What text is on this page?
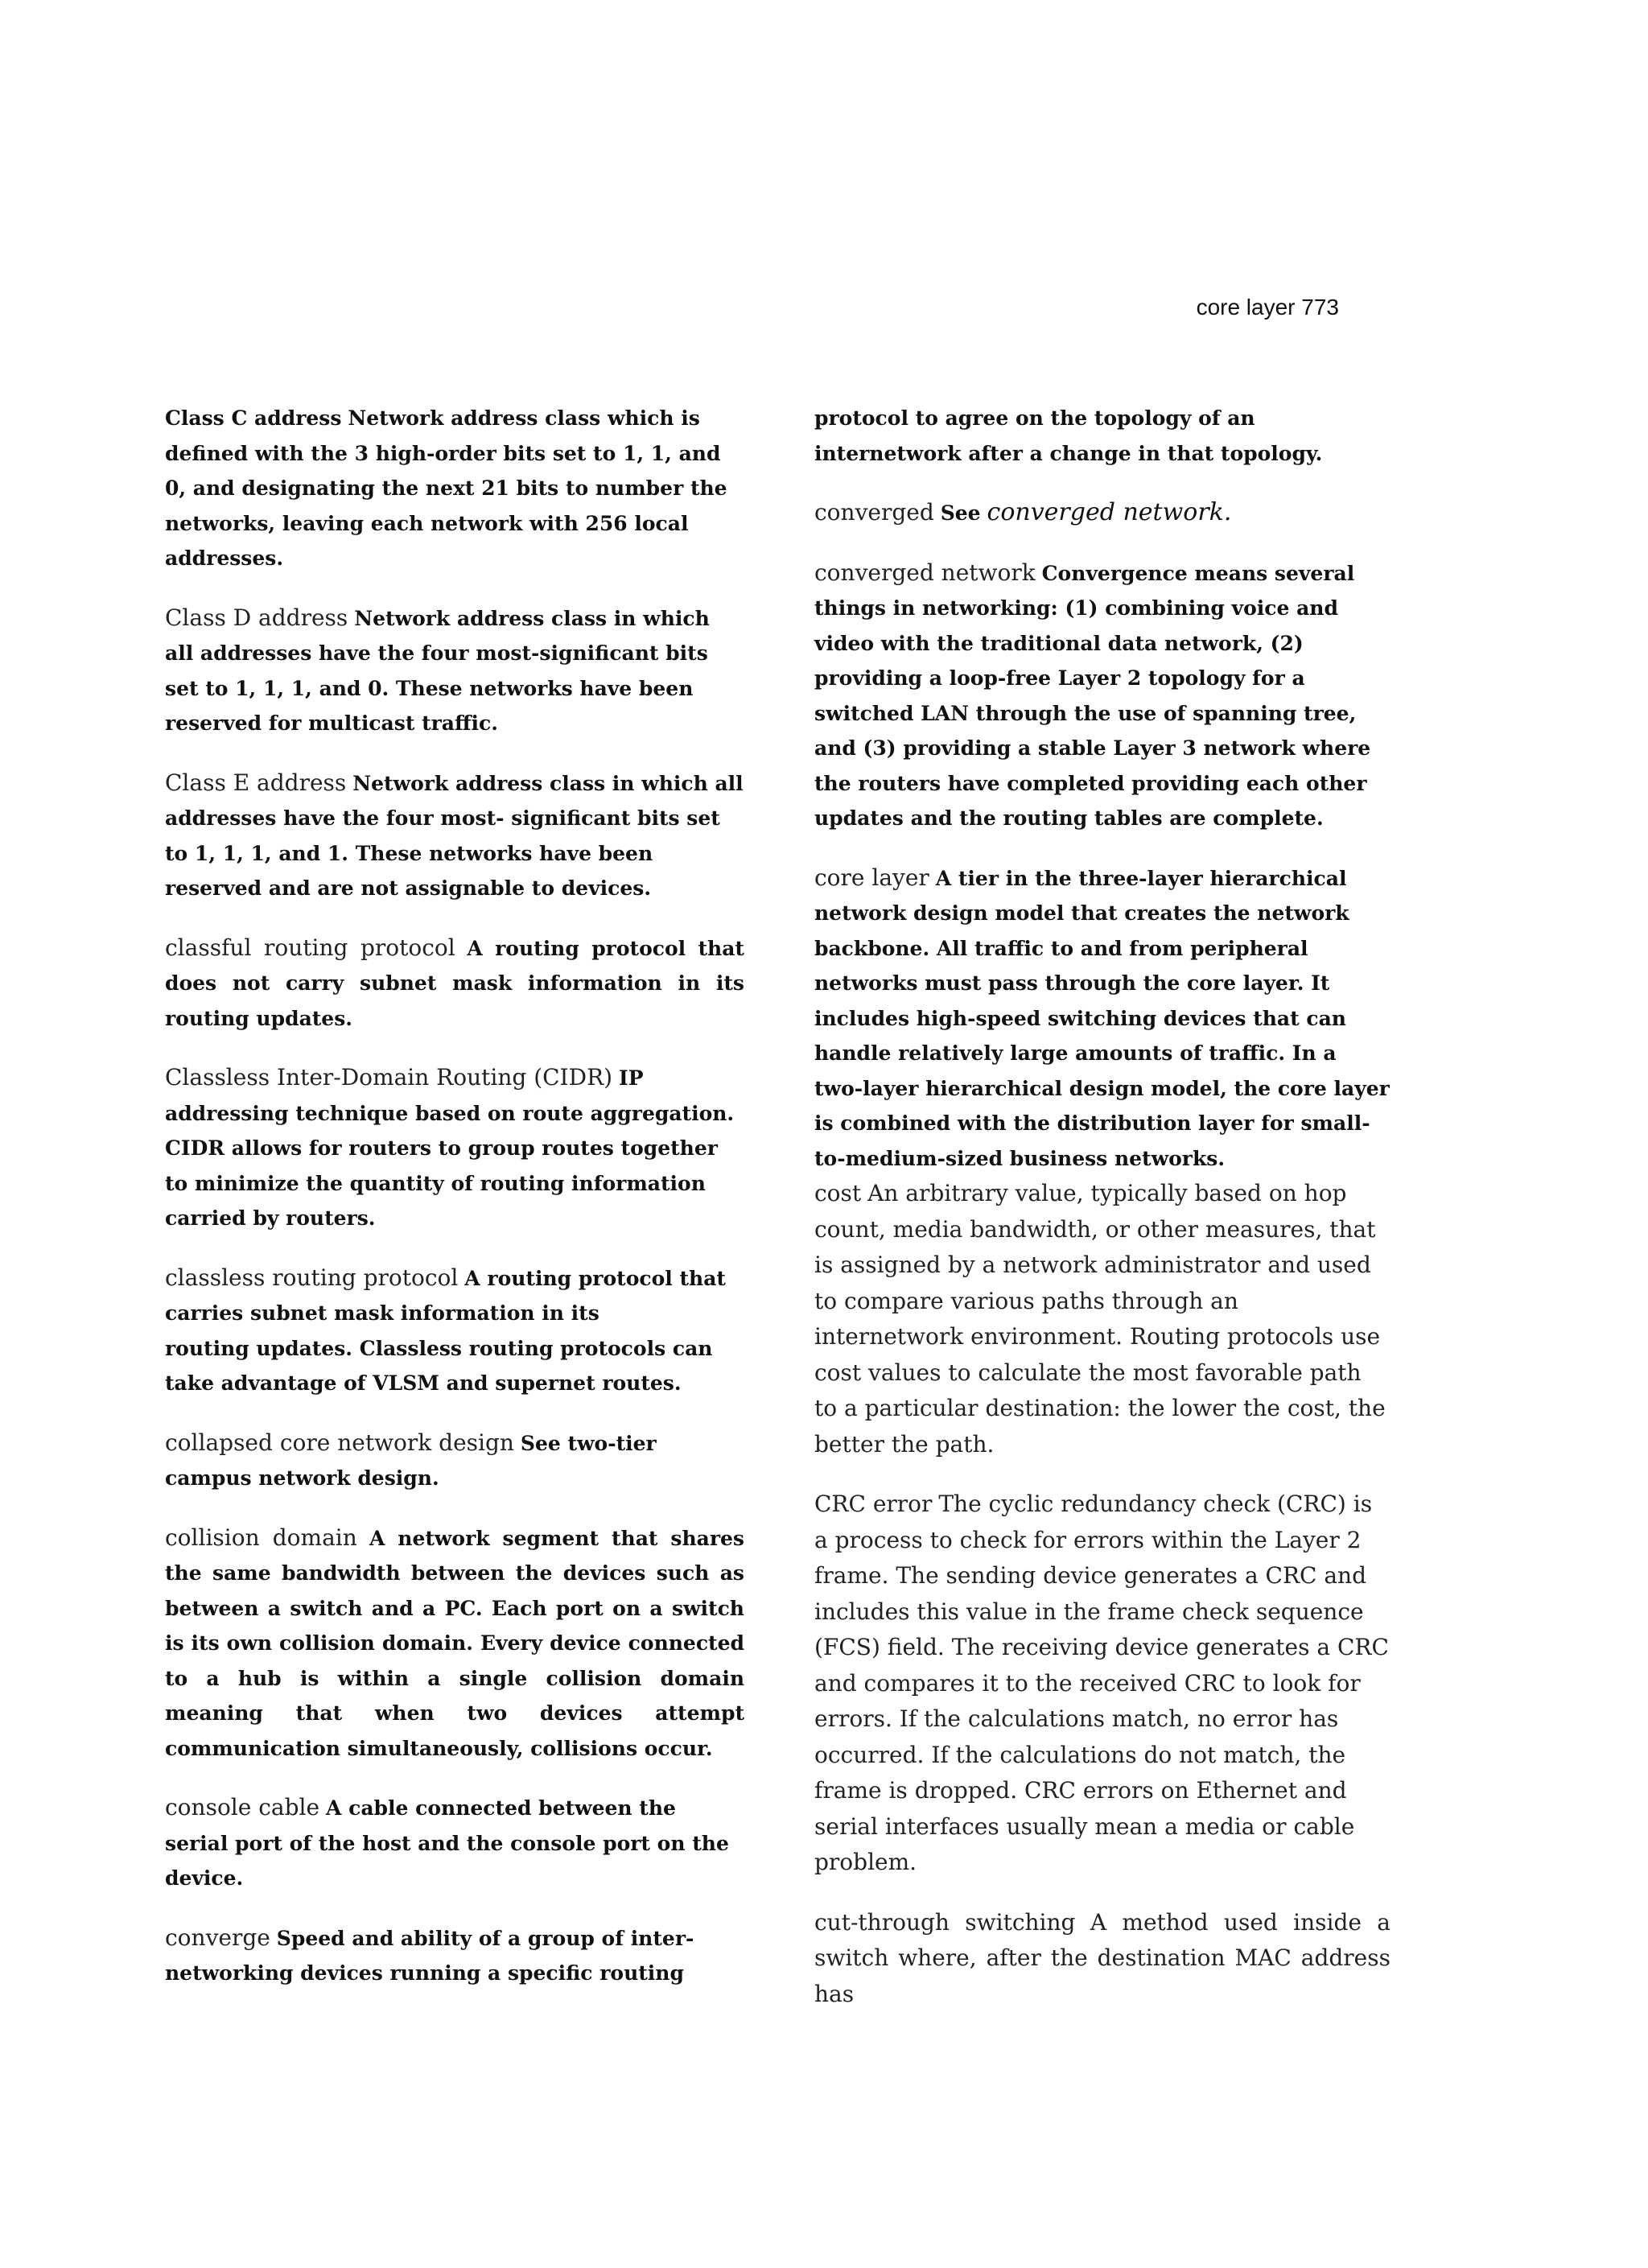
core layer 773

Class C address Network address class which is defined with the 3 high-order bits set to 1, 1, and 0, and designating the next 21 bits to number the networks, leaving each network with 256 local addresses.

Class D address Network address class in which all addresses have the four most-significant bits set to 1, 1, 1, and 0. These networks have been reserved for multicast traffic.

Class E address Network address class in which all addresses have the four most- significant bits set to 1, 1, 1, and 1. These networks have been reserved and are not assignable to devices.

classful routing protocol A routing protocol that does not carry subnet mask information in its routing updates.

Classless Inter-Domain Routing (CIDR) IP addressing technique based on route aggregation. CIDR allows for routers to group routes together to minimize the quantity of routing information carried by routers.

classless routing protocol A routing protocol that carries subnet mask information in its
routing updates. Classless routing protocols can take advantage of VLSM and supernet routes.

collapsed core network design See two-tier campus network design.

collision domain A network segment that shares the same bandwidth between the devices such as between a switch and a PC. Each port on a switch is its own collision domain. Every device connected to a hub is within a single collision domain meaning that when two devices attempt communication simultaneously, collisions occur.

console cable A cable connected between the serial port of the host and the console port on the device.

converge Speed and ability of a group of inter-networking devices running a specific routing

protocol to agree on the topology of an internetwork after a change in that topology.

converged See converged network.

converged network Convergence means several things in networking: (1) combining voice and video with the traditional data network, (2) providing a loop-free Layer 2 topology for a switched LAN through the use of spanning tree, and (3) providing a stable Layer 3 network where the routers have completed providing each other updates and the routing tables are complete.

core layer A tier in the three-layer hierarchical network design model that creates the network backbone. All traffic to and from peripheral networks must pass through the core layer. It includes high-speed switching devices that can handle relatively large amounts of traffic. In a two-layer hierarchical design model, the core layer is combined with the distribution layer for small-to-medium-sized business networks.

cost An arbitrary value, typically based on hop count, media bandwidth, or other measures, that is assigned by a network administrator and used to compare various paths through an internetwork environment. Routing protocols use cost values to calculate the most favorable path to a particular destination: the lower the cost, the better the path.

CRC error The cyclic redundancy check (CRC) is a process to check for errors within the Layer 2 frame. The sending device generates a CRC and includes this value in the frame check sequence (FCS) field. The receiving device generates a CRC and compares it to the received CRC to look for errors. If the calculations match, no error has occurred. If the calculations do not match, the frame is dropped. CRC errors on Ethernet and serial interfaces usually mean a media or cable problem.

cut-through switching A method used inside a switch where, after the destination MAC address has
